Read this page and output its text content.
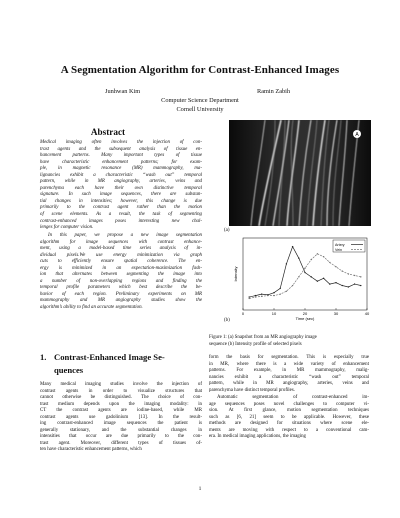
A Segmentation Algorithm for Contrast-Enhanced Images
Junhwan Kim	Ramin Zabih
Computer Science Department
Cornell University
Abstract
Medical imaging often involves the injection of con-
trast agents and the subsequent analysis of tissue en-
hancement patterns. Many important types of tissue
have characteristic enhancement patterns; for exam-
ple, in magnetic resonance (MR) mammography, ma-
lignancies exhibit a characteristic “wash out” temporal
pattern, while in MR angiography, arteries, veins and
parenchyma each have their own distinctive temporal
signature. In such image sequences, there are substan-
tial changes in intensities; however, this change is due
primarily to the contrast agent rather than the motion
of scene elements. As a result, the task of segmenting
contrast-enhanced images poses interesting new chal-
lenges for computer vision.
In this paper, we propose a new image segmentation
algorithm for image sequences with contrast enhance-
ment, using a model-based time series analysis of in-
dividual pixels.We use energy minimization via graph
cuts to efficiently ensure spatial coherence. The en-
ergy is minimized in an expectation-maximization fash-
ion that alternates between segmenting the image into
a number of non-overlapping regions and finding the
temporal profile parameters which best describe the be-
havior of each region. Preliminary experiments on MR
mammography and MR angiography studies show the
algorithm’s ability to find an accurate segmentation.
1. Contrast-Enhanced Image Se-
quences
Many medical imaging studies involve the injection of
contrast agents in order to visualize structures that
cannot otherwise be distinguished. The choice of con-
trast medium depends upon the imaging modality: in
CT the contrast agents are iodine-based, while MR
contrast agents use gadolinium [13]. In the result-
ing contrast-enhanced image sequences the patient is
generally stationary, and the substantial changes in
intensities that occur are due primarily to the con-
trast agent. Moreover, different types of tissues of-
ten have characteristic enhancement patterns, which
form the basis for segmentation. This is especially true
in MR, where there is a wide variety of enhancement
patterns. For example, in MR mammography, malig-
nancies exhibit a characteristic “wash out” temporal
pattern, while in MR angiography, arteries, veins and
parenchyma have distinct temporal profiles.
Automatic segmentation of contrast-enhanced im-
age sequences poses novel challenges to computer vi-
sion. At first glance, motion segmentation techniques
such as [6, 21] seem to be applicable. However, these
methods are designed for situations where scene ele-
ments are moving with respect to a conventional cam-
era. In medical imaging applications, the imaging
A
(a)
0	10	20	30	40
Artery
Vein
Time (sec)
Intensity
(b)
Figure 1: (a) Snapshot from an MR angiography image
sequence (b) Intensity profile of selected pixels
1
